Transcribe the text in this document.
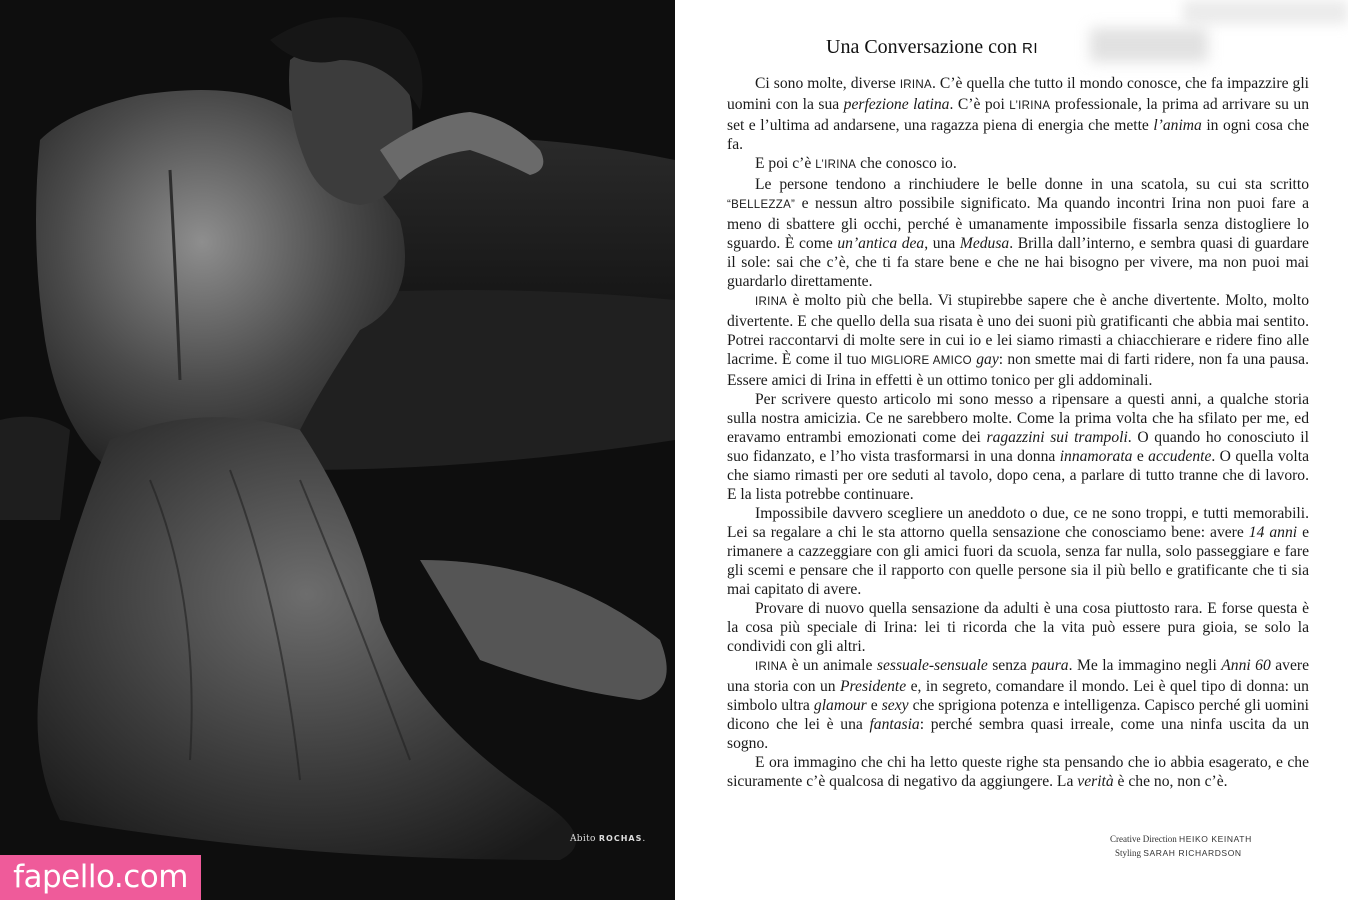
Abito ROCHAS.
fapello.com
Una Conversazione con RI

Ci sono molte, diverse IRINA. C’è quella che tutto il mondo conosce, che fa impazzire gli uomini con la sua perfezione latina. C’è poi L’IRINA professionale, la prima ad arrivare su un set e l’ultima ad andarsene, una ragazza piena di energia che mette l’anima in ogni cosa che fa.

E poi c’è L’IRINA che conosco io.

Le persone tendono a rinchiudere le belle donne in una scatola, su cui sta scritto “BELLEZZA” e nessun altro possibile significato. Ma quando incontri Irina non puoi fare a meno di sbattere gli occhi, perché è umanamente impossibile fissarla senza distogliere lo sguardo. È come un’antica dea, una Medusa. Brilla dall’interno, e sembra quasi di guardare il sole: sai che c’è, che ti fa stare bene e che ne hai bisogno per vivere, ma non puoi mai guardarlo direttamente.

IRINA è molto più che bella. Vi stupirebbe sapere che è anche divertente. Molto, molto divertente. E che quello della sua risata è uno dei suoni più gratificanti che abbia mai sentito. Potrei raccontarvi di molte sere in cui io e lei siamo rimasti a chiacchierare e ridere fino alle lacrime. È come il tuo MIGLIORE AMICO gay: non smette mai di farti ridere, non fa una pausa. Essere amici di Irina in effetti è un ottimo tonico per gli addominali.

Per scrivere questo articolo mi sono messo a ripensare a questi anni, a qualche storia sulla nostra amicizia. Ce ne sarebbero molte. Come la prima volta che ha sfilato per me, ed eravamo entrambi emozionati come dei ragazzini sui trampoli. O quando ho conosciuto il suo fidanzato, e l’ho vista trasformarsi in una donna innamorata e accudente. O quella volta che siamo rimasti per ore seduti al tavolo, dopo cena, a parlare di tutto tranne che di lavoro. E la lista potrebbe continuare.

Impossibile davvero scegliere un aneddoto o due, ce ne sono troppi, e tutti memorabili. Lei sa regalare a chi le sta attorno quella sensazione che conosciamo bene: avere 14 anni e rimanere a cazzeggiare con gli amici fuori da scuola, senza far nulla, solo passeggiare e fare gli scemi e pensare che il rapporto con quelle persone sia il più bello e gratificante che ti sia mai capitato di avere.

Provare di nuovo quella sensazione da adulti è una cosa piuttosto rara. E forse questa è la cosa più speciale di Irina: lei ti ricorda che la vita può essere pura gioia, se solo la condividi con gli altri.

IRINA è un animale sessuale-sensuale senza paura. Me la immagino negli Anni 60 avere una storia con un Presidente e, in segreto, comandare il mondo. Lei è quel tipo di donna: un simbolo ultra glamour e sexy che sprigiona potenza e intelligenza. Capisco perché gli uomini dicono che lei è una fantasia: perché sembra quasi irreale, come una ninfa uscita da un sogno.

E ora immagino che chi ha letto queste righe sta pensando che io abbia esagerato, e che sicuramente c’è qualcosa di negativo da aggiungere. La verità è che no, non c’è.

Creative Direction HEIKO KEINATH
Styling SARAH RICHARDSON
